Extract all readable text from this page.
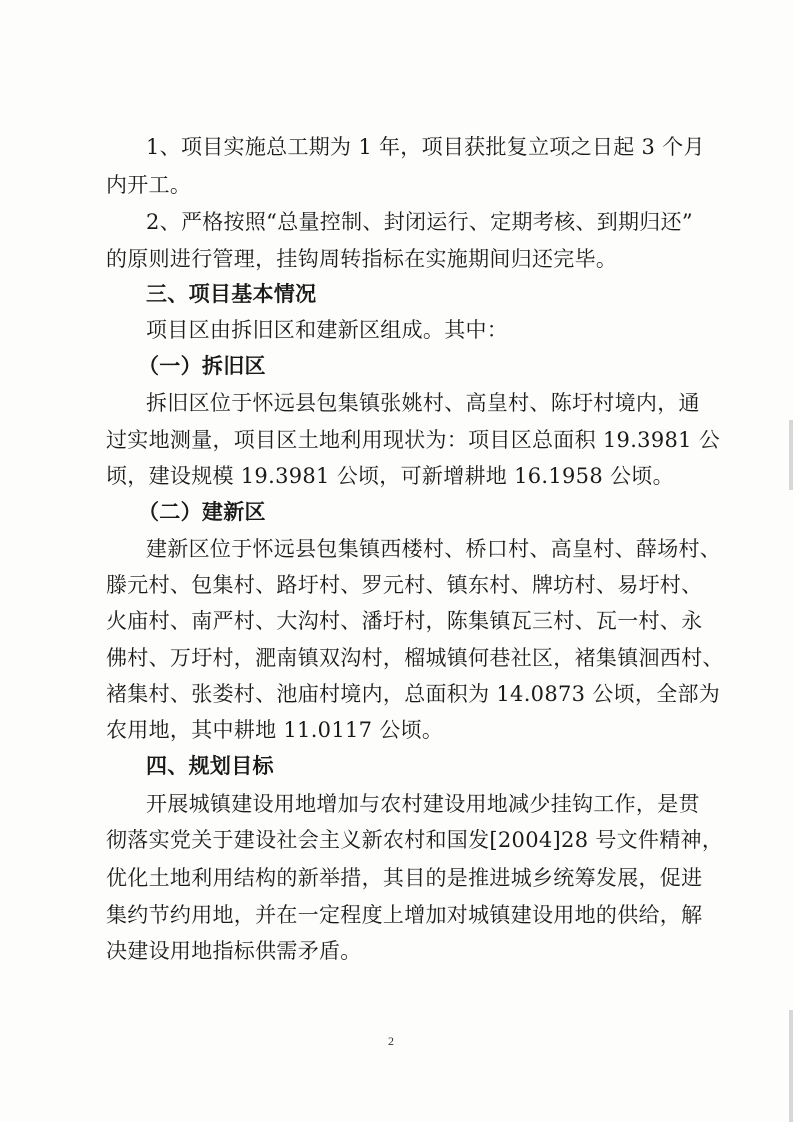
1、项目实施总工期为 1 年，项目获批复立项之日起 3 个月
内开工。
2、严格按照“总量控制、封闭运行、定期考核、到期归还”
的原则进行管理，挂钩周转指标在实施期间归还完毕。
三、项目基本情况
项目区由拆旧区和建新区组成。其中：
（一）拆旧区
拆旧区位于怀远县包集镇张姚村、高皇村、陈圩村境内，通
过实地测量，项目区土地利用现状为：项目区总面积 19.3981 公
顷，建设规模 19.3981 公顷，可新增耕地 16.1958 公顷。
（二）建新区
建新区位于怀远县包集镇西楼村、桥口村、高皇村、薛场村、
滕元村、包集村、路圩村、罗元村、镇东村、牌坊村、易圩村、
火庙村、南严村、大沟村、潘圩村，陈集镇瓦三村、瓦一村、永
佛村、万圩村，淝南镇双沟村，榴城镇何巷社区，褚集镇洄西村、
褚集村、张娄村、池庙村境内，总面积为 14.0873 公顷，全部为
农用地，其中耕地 11.0117 公顷。
四、规划目标
开展城镇建设用地增加与农村建设用地减少挂钩工作，是贯
彻落实党关于建设社会主义新农村和国发[2004]28 号文件精神，
优化土地利用结构的新举措，其目的是推进城乡统筹发展，促进
集约节约用地，并在一定程度上增加对城镇建设用地的供给，解
决建设用地指标供需矛盾。
2
